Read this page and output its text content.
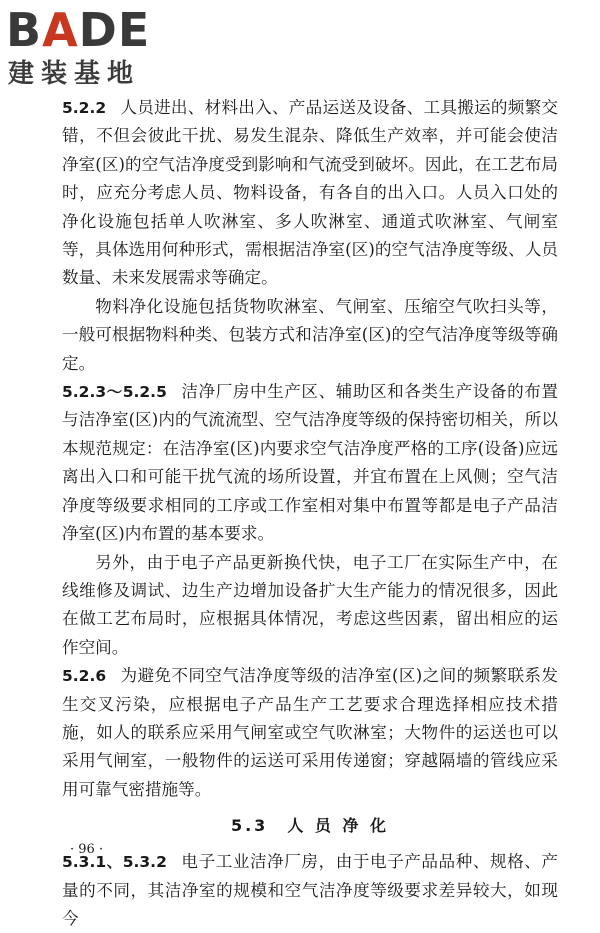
BADE
建装基地

5.2.2 人员进出、材料出入、产品运送及设备、工具搬运的频繁交错，不但会彼此干扰、易发生混杂、降低生产效率，并可能会使洁净室(区)的空气洁净度受到影响和气流受到破坏。因此，在工艺布局时，应充分考虑人员、物料设备，有各自的出入口。人员入口处的净化设施包括单人吹淋室、多人吹淋室、通道式吹淋室、气闸室等，具体选用何种形式，需根据洁净室(区)的空气洁净度等级、人员数量、未来发展需求等确定。

物料净化设施包括货物吹淋室、气闸室、压缩空气吹扫头等，一般可根据物料种类、包装方式和洁净室(区)的空气洁净度等级等确定。

5.2.3～5.2.5 洁净厂房中生产区、辅助区和各类生产设备的布置与洁净室(区)内的气流流型、空气洁净度等级的保持密切相关，所以本规范规定：在洁净室(区)内要求空气洁净度严格的工序(设备)应远离出入口和可能干扰气流的场所设置，并宜布置在上风侧；空气洁净度等级要求相同的工序或工作室相对集中布置等都是电子产品洁净室(区)内布置的基本要求。

另外，由于电子产品更新换代快，电子工厂在实际生产中，在线维修及调试、边生产边增加设备扩大生产能力的情况很多，因此在做工艺布局时，应根据具体情况，考虑这些因素，留出相应的运作空间。

5.2.6 为避免不同空气洁净度等级的洁净室(区)之间的频繁联系发生交叉污染，应根据电子产品生产工艺要求合理选择相应技术措施，如人的联系应采用气闸室或空气吹淋室；大物件的运送也可以采用气闸室，一般物件的运送可采用传递窗；穿越隔墙的管线应采用可靠气密措施等。

5.3　人 员 净 化

5.3.1、5.3.2 电子工业洁净厂房，由于电子产品品种、规格、产量的不同，其洁净室的规模和空气洁净度等级要求差异较大，如现今

· 96 ·
